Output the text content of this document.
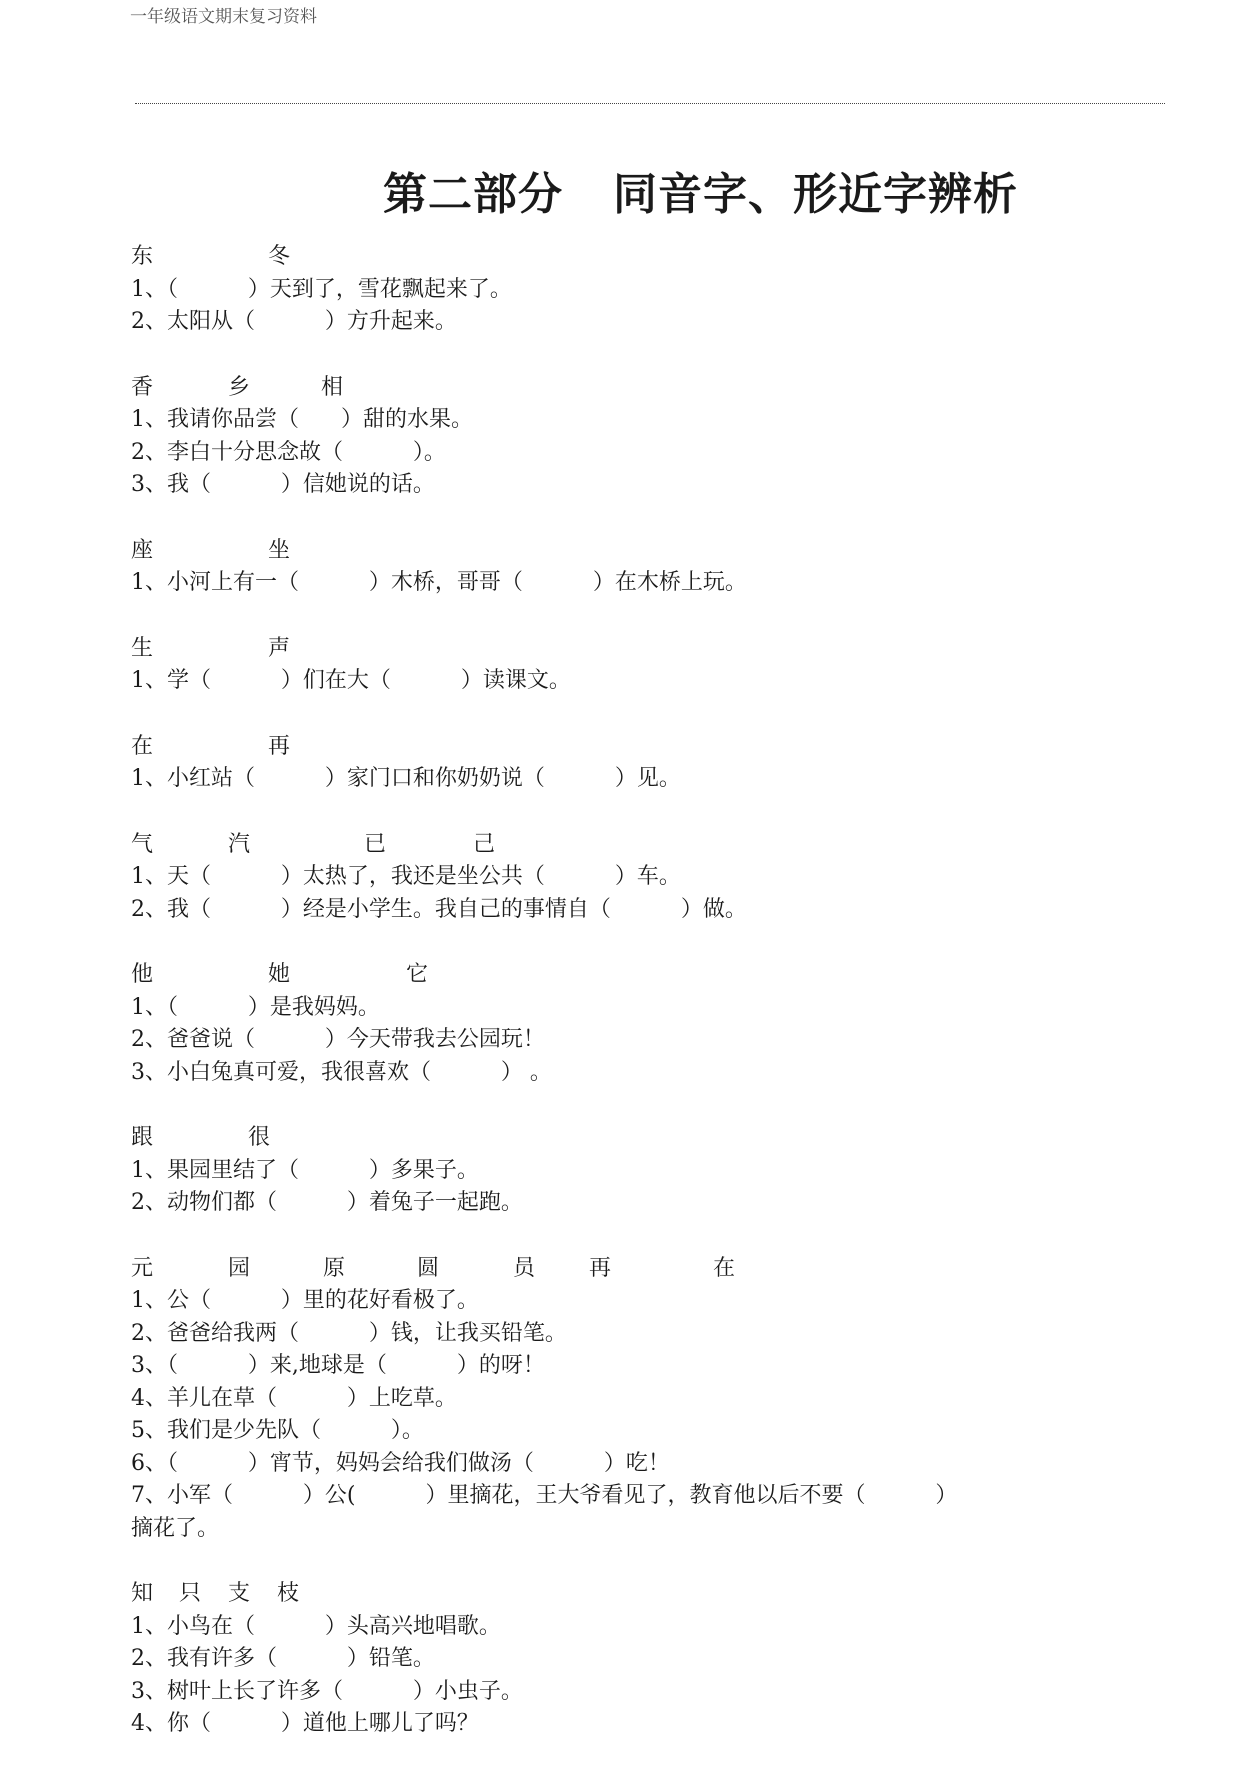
一年级语文期末复习资料
第二部分 同音字、形近字辨析
东	冬
1、（          ）天到了，雪花飘起来了。
2、太阳从（          ）方升起来。
香	乡	相
1、我请你品尝（      ）甜的水果。
2、李白十分思念故（          ）。
3、我（          ）信她说的话。
座	坐
1、小河上有一（          ）木桥，哥哥（          ）在木桥上玩。
生	声
1、学（          ）们在大（          ）读课文。
在	再
1、小红站（          ）家门口和你奶奶说（          ）见。
气	汽	已	己
1、天（          ）太热了，我还是坐公共（          ）车。
2、我（          ）经是小学生。我自己的事情自（          ）做。
他	她	它
1、（          ）是我妈妈。
2、爸爸说（          ）今天带我去公园玩！
3、小白兔真可爱，我很喜欢（          ） 。
跟	很
1、果园里结了（          ）多果子。
2、动物们都（          ）着兔子一起跑。
元	园	原	圆	员 再	在
1、公（          ）里的花好看极了。
2、爸爸给我两（          ）钱，让我买铅笔。
3、（          ）来,地球是（          ）的呀！
4、羊儿在草（          ）上吃草。
5、我们是少先队（          ）。
6、（          ）宵节，妈妈会给我们做汤（          ）吃！
7、小军（          ）公(          ）里摘花，王大爷看见了，教育他以后不要（          ）
摘花了。
知 只 支 枝
1、小鸟在（          ）头高兴地唱歌。
2、我有许多（          ）铅笔。
3、树叶上长了许多（          ）小虫子。
4、你（          ）道他上哪儿了吗？
